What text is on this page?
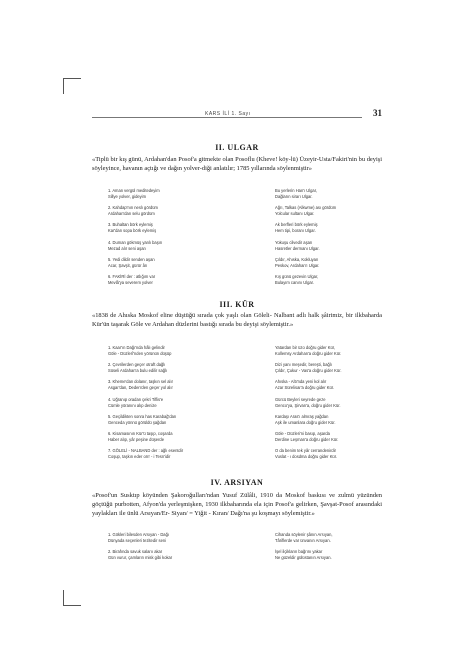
KARS İLİ 1. Sayı	31
II. ULGAR
«Tiplü bir kış günü, Ardahan'dan Posof'a gitmekte olan Posoflu (Kheve! köy-lü) Üzeyir-Usta/Fakiri'nin bu deyişi söyleyince, havanın açtığı ve dağın yolver-diği anlatılır; 1785 yıllarında söylenmiştir»
1. Aman vergül meditedeyim
Sillye yolver, gideyim
2. Kahdap'nın neslı gördüm
Ardahan'dan selu gördüm
3. Buhaltan börk eylemiş
Kar'dan sopa börk eylemiş
4. Duman gökmüş yanlı başın
Mezad alır seni aşan
5. Yedi dildir senden aşan
Acar, Şavşit, gürür ân
6. FAKİRİ der : atlığım var
Mevlâ'ya severem yolver
Bu yerlerin Han'ı Ulgar,
Dağların sirarı Ulgar.
Ağrı, Talkas (Alkwme) ası gördüm
Yolcular sultanı Ulgar.
Ak berfleri börk eylemiş
Hem tipi, boranı Ulgar.
Yokuşu cilvedir aşan
Hasretler dermanı Ulgar.
Çıldır, Ahıska, Kokluyan
Peskov, Ardahan'ı Ulgar.
Kış günü gezevin Ulgar,
Bulayım canını Ulgar.
III. KÜR
«1838 de Ahıska Moskof eline düştüğü sırada çok yaşlı olan Göleli- Nalbant adlı halk şâirimiz, bir ilkbaharda Kür'ün taşarak Göle ve Ardahan düzlerini bastığı sırada bu deyişi söylemiştir.»
1. Kaar'ın Dağı'nda hâlı gelindir
Göle - Düzlerî'nden yörünün düşüp
2. Çevrilerden geçer otraft dağlı
Süseli Ardahan'a bulu edilir sağlı
3. Kheme'dan dolanır, taşkın sel alır
Asgar'dan, Deden'den geçer yol alır
4. Uğranıp oradan çekri Tiflis'e
Cümle yöranını alıp denize
5. Geçildikten sonra has Karabağ'dan
Genceda yönnü görüldü şağdan
6. Kisamasının Kür'ü taşıp, coşarda
Haber alıp, yâr peşine düşerde
7. GÖLELİ - NALBAND der : ağlı esentdir
Coşup, taşkın eder orrr - i Tesn'idir
Yatardan bir üzo doğru gider Kür,
Kollemsy Ardahan'a doğru gider Kür.
Dizi yanı meşedir, bereşti, bağlı
Çıldır, Çukur - Vas'a doğru gider Kür.
Ahıska - Altı'nda yeni kol alır
Azar Sürelisar'a doğru gider Kür.
Gürcü Beyleri seyrede geze
Genco'ya, Şirvan'a, doğru gider Kür.
Kardaşı Aras'ı almraş yağdan
Aşk ile umanlara doğru gider Kür.
Göle - Düzleri'ni basıp, aşarda
Derdine Leşman'a doğru gider Kür.
O da benim tek yâr cerrandenirdir
Vuslat - ı dosdma doğru gider Kür.
IV. ARSIYAN
«Posof'un Susktıp köyünden Şakoroğulları'ndan Yusuf Zülâli, 1910 da Moskof baskısı ve zulmü yüzünden göçtüğü purbotten, Afyon'da yerleşmişken, 1930 ilkbaharında ela için Posof'a gelirken, Şavşat-Posof arasındaki yaylakları ile ünlü Arsıyan/Er- Siyan/ = Yiğit - Kıran/ Dağı'na şu koşmayı söylemiştir.»
1. Gökleri bilesden Arsıyan - Dağı
Dünyada seçenleri tezitedir seni
2. Birafında savuk salarıı akar
Gün vurur, çamların misk gibi kokar
Cihanda söylenir şânın Arsıyan,
Târiflerde var ünvanın Arsıyan.
İşel ilçikların bağrını yakar
Ne güzeldir gülüstanın Arsıyan.
